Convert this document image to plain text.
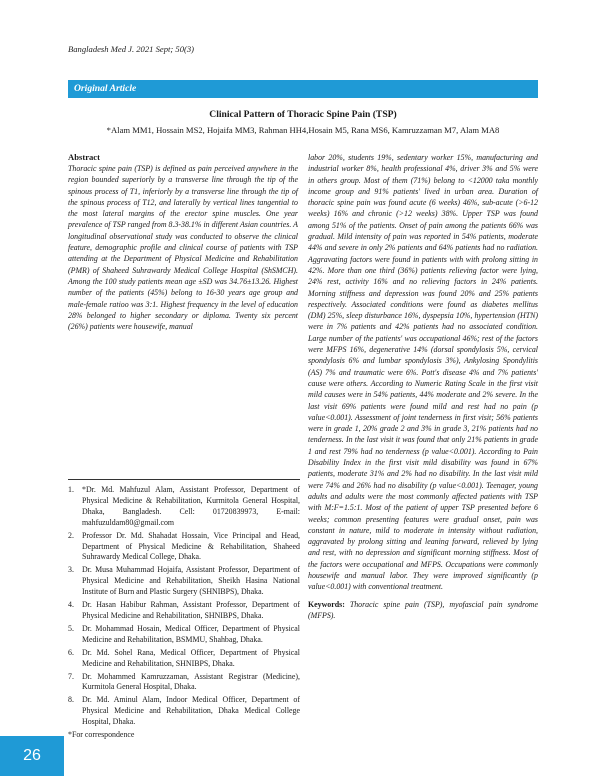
Bangladesh Med J. 2021 Sept; 50(3)
Original Article
Clinical Pattern of Thoracic Spine Pain (TSP)
*Alam MM1, Hossain MS2, Hojaifa MM3, Rahman HH4,Hosain M5, Rana MS6, Kamruzzaman M7, Alam MA8
Abstract

Thoracic spine pain (TSP) is defined as pain perceived anywhere in the region bounded superiorly by a transverse line through the tip of the spinous process of T1, inferiorly by a transverse line through the tip of the spinous process of T12, and laterally by vertical lines tangential to the most lateral margins of the erector spine muscles. One year prevalence of TSP ranged from 8.3-38.1% in different Asian countries. A longitudinal observational study was conducted to observe the clinical feature, demographic profile and clinical course of patients with TSP attending at the Department of Physical Medicine and Rehabilitation (PMR) of Shaheed Suhrawardy Medical College Hospital (ShSMCH). Among the 100 study patients mean age ±SD was 34.76±13.26. Highest number of the patients (45%) belong to 16-30 years age group and male-female ratioo was 3:1. Highest frequency in the level of education 28% belonged to higher secondary or diploma. Twenty six percent (26%) patients were housewife, manual

labor 20%, students 19%, sedentary worker 15%, manufacturing and industrial worker 8%, health professional 4%, driver 3% and 5% were in others group. Most of them (71%) belong to <12000 taka monthly income group and 91% patients' lived in urban area. Duration of thoracic spine pain was found acute (6 weeks) 46%, sub-acute (>6-12 weeks) 16% and chronic (>12 weeks) 38%. Upper TSP was found among 51% of the patients. Onset of pain among the patients 66% was gradual. Mild intensity of pain was reported in 54% patients, moderate 44% and severe in only 2% patients and 64% patients had no radiation. Aggravating factors were found in patients with with prolong sitting in 42%. More than one third (36%) patients relieving factor were lying, 24% rest, activity 16% and no relieving factors in 24% patients. Morning stiffness and depression was found 20% and 25% patients respectively. Associated conditions were found as diabetes mellitus (DM) 25%, sleep disturbance 16%, dyspepsia 10%, hypertension (HTN) were in 7% patients and 42% patients had no associated condition. Large number of the patients' was occupational 46%; rest of the factors were MFPS 16%, degenerative 14% (dorsal spondylosis 5%, cervical spondylosis 6% and lumbar spondylosis 3%), Ankylosing Spondylitis (AS) 7% and traumatic were 6%. Pott's disease 4% and 7% patients' cause were others. According to Numeric Rating Scale in the first visit mild causes were in 54% patients, 44% moderate and 2% severe. In the last visit 69% patients were found mild and rest had no pain (p value<0.001). Assessment of joint tenderness in first visit; 56% patients were in grade 1, 20% grade 2 and 3% in grade 3, 21% patients had no tenderness. In the last visit it was found that only 21% patients in grade 1 and rest 79% had no tenderness (p value<0.001). According to Pain Disability Index in the first visit mild disability was found in 67% patients, moderate 31% and 2% had no disability. In the last visit mild were 74% and 26% had no disability (p value<0.001). Teenager, young adults and adults were the most commonly affected patients with TSP with M:F=1.5:1. Most of the patient of upper TSP presented before 6 weeks; common presenting features were gradual onset, pain was constant in nature, mild to moderate in intensity without radiation, aggravated by prolong sitting and leaning forward, relieved by lying and rest, with no depression and significant morning stiffness. Most of the factors were occupational and MFPS. Occupations were commonly housewife and manual labor. They were improved significantly (p value<0.001) with conventional treatment.

Keywords: Thoracic spine pain (TSP), myofascial pain syndrome (MFPS).
1.	*Dr. Md. Mahfuzul Alam, Assistant Professor, Department of Physical Medicine & Rehabilitation, Kurmitola General Hospital, Dhaka, Bangladesh. Cell: 01720839973, E-mail: mahfuzuldam80@gmail.com
2.	Professor Dr. Md. Shahadat Hossain, Vice Principal and Head, Department of Physical Medicine & Rehabilitation, Shaheed Suhrawardy Medical College, Dhaka.
3.	Dr. Musa Muhammad Hojaifa, Assistant Professor, Department of Physical Medicine and Rehabilitation, Sheikh Hasina National Institute of Burn and Plastic Surgery (SHNIBPS), Dhaka.
4.	Dr. Hasan Habibur Rahman, Assistant Professor, Department of Physical Medicine and Rehabilitation, SHNIBPS, Dhaka.
5.	Dr. Mohammad Hosain, Medical Officer, Department of Physical Medicine and Rehabilitation, BSMMU, Shahbag, Dhaka.
6.	Dr. Md. Sohel Rana, Medical Officer, Department of Physical Medicine and Rehabilitation, SHNIBPS, Dhaka.
7.	Dr. Mohammed Kamruzzaman, Assistant Registrar (Medicine), Kurmitola General Hospital, Dhaka.
8.	Dr. Md. Aminul Alam, Indoor Medical Officer, Department of Physical Medicine and Rehabilitation, Dhaka Medical College Hospital, Dhaka.
*For correspondence
26
